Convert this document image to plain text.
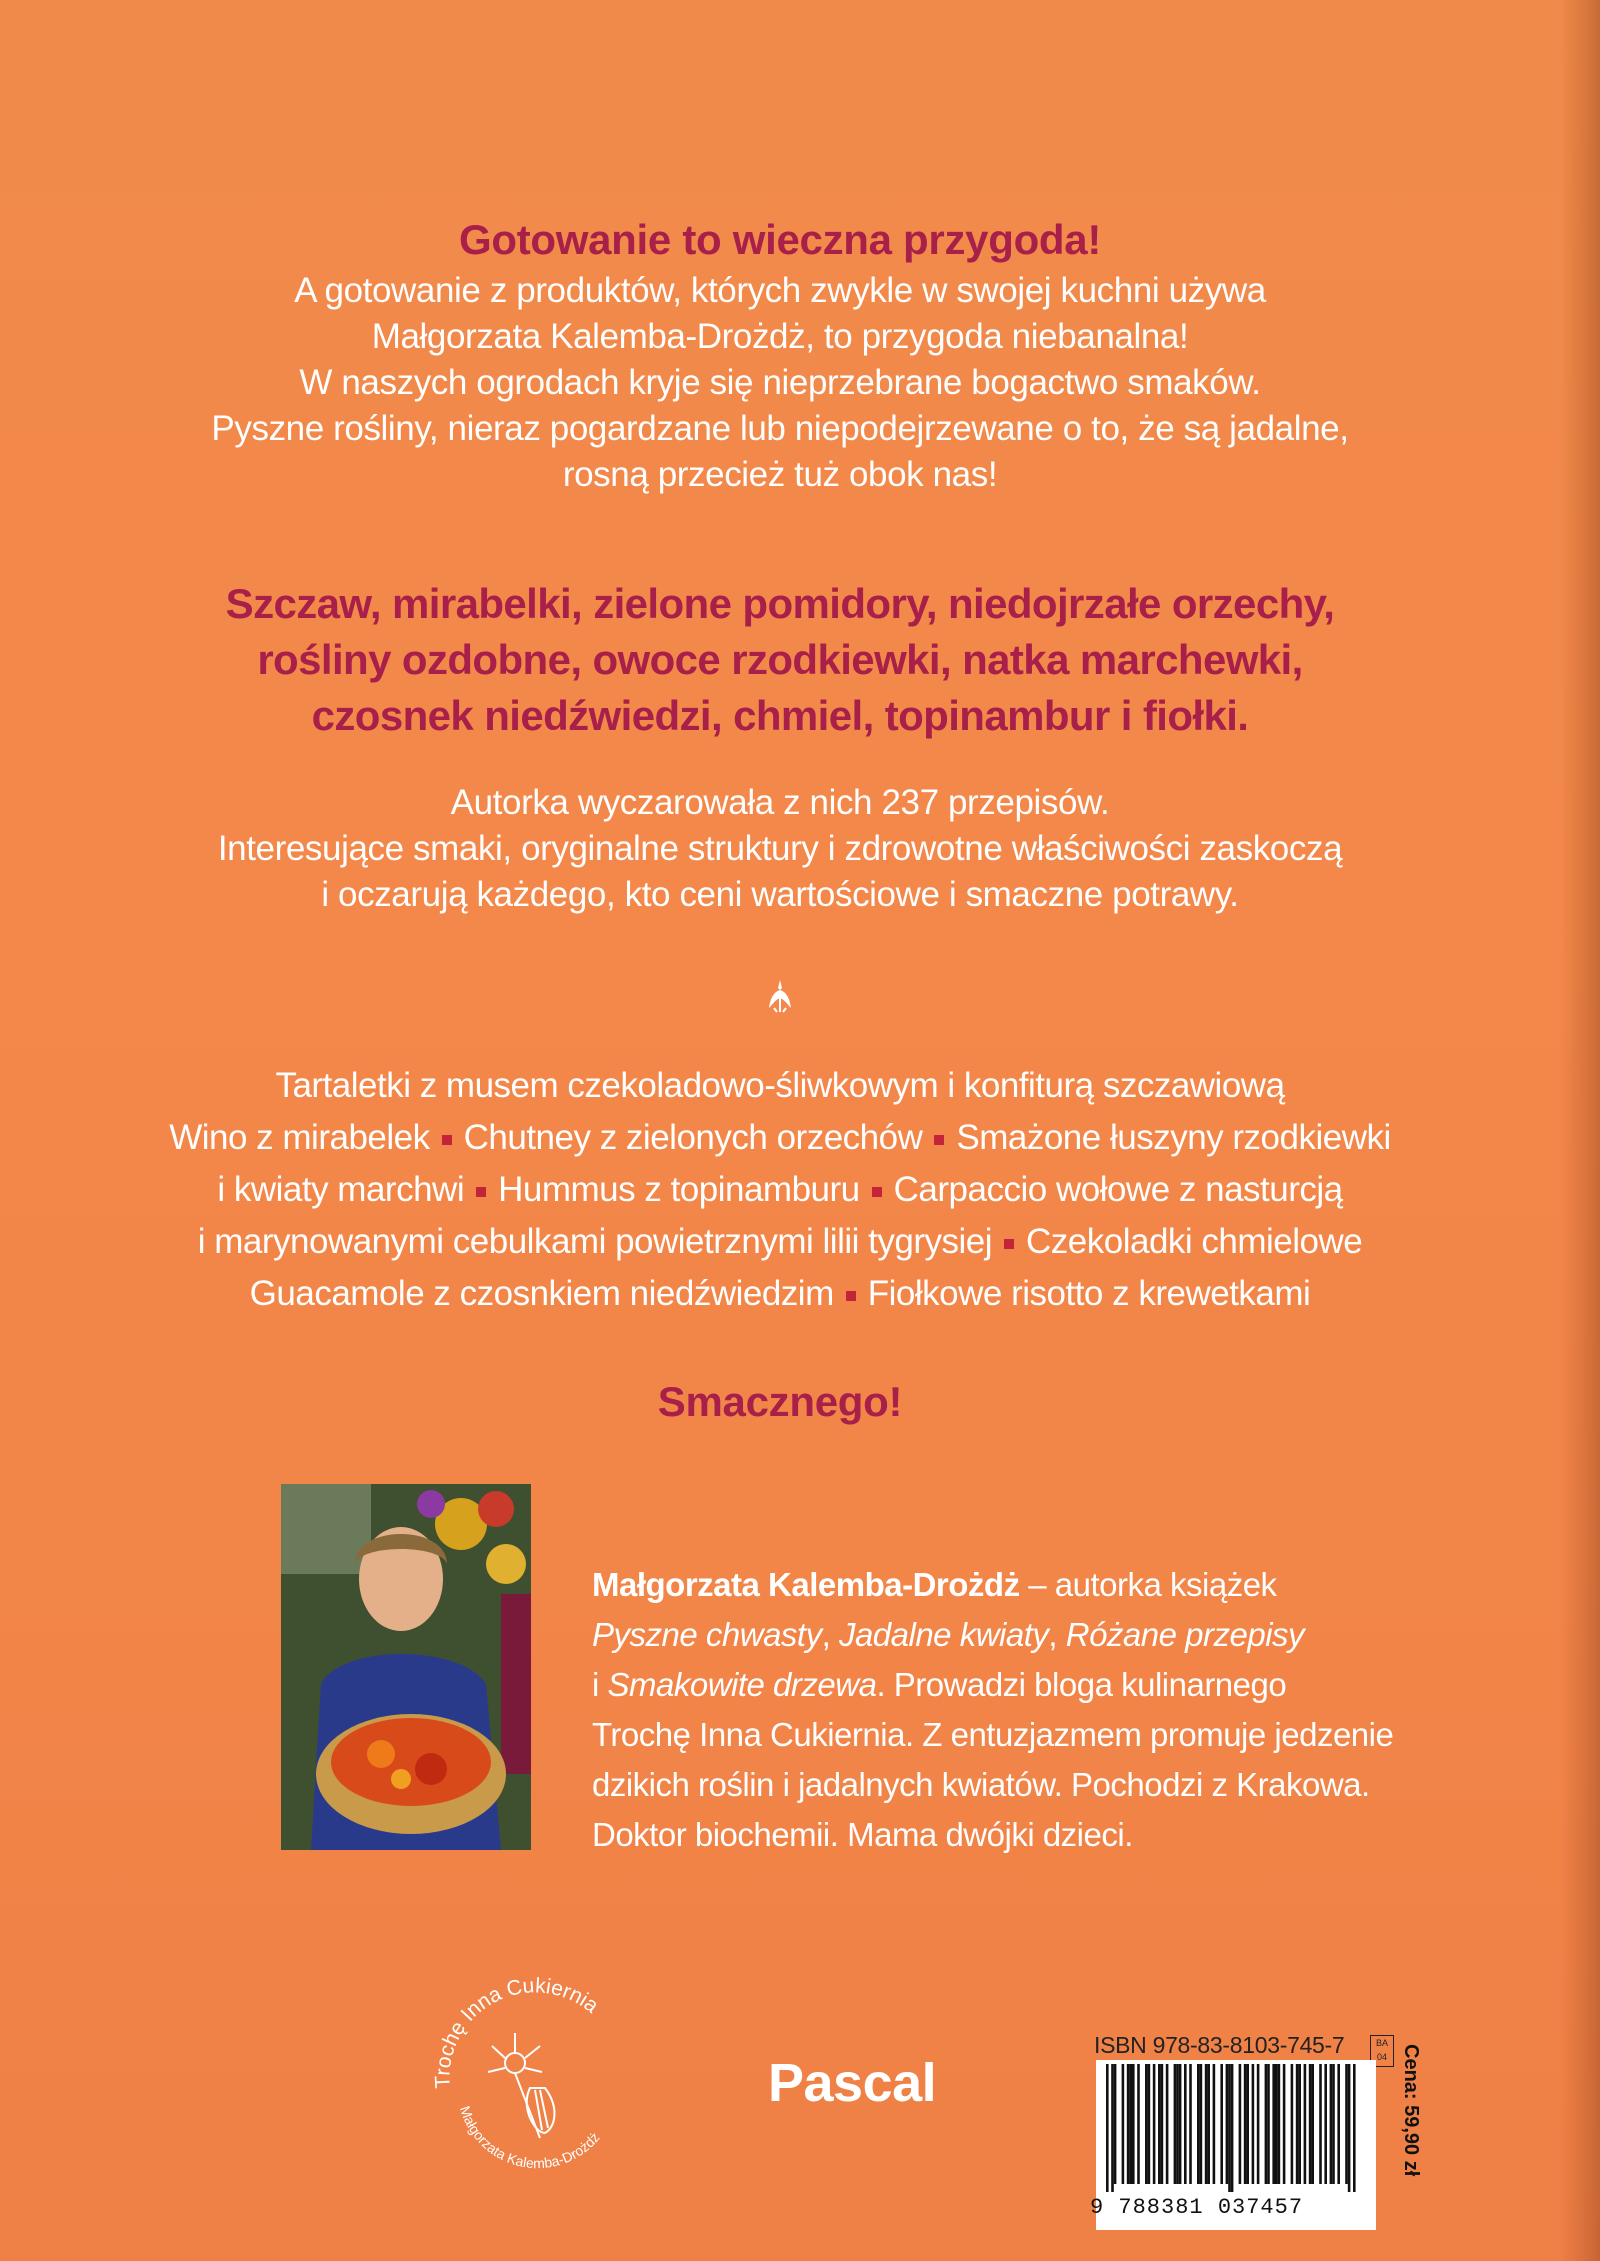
Gotowanie to wieczna przygoda!
A gotowanie z produktów, których zwykle w swojej kuchni używa
Małgorzata Kalemba-Drożdż, to przygoda niebanalna!
W naszych ogrodach kryje się nieprzebrane bogactwo smaków.
Pyszne rośliny, nieraz pogardzane lub niepodejrzewane o to, że są jadalne,
rosną przecież tuż obok nas!
Szczaw, mirabelki, zielone pomidory, niedojrzałe orzechy,
rośliny ozdobne, owoce rzodkiewki, natka marchewki,
czosnek niedźwiedzi, chmiel, topinambur i fiołki.
Autorka wyczarowała z nich 237 przepisów.
Interesujące smaki, oryginalne struktury i zdrowotne właściwości zaskoczą
i oczarują każdego, kto ceni wartościowe i smaczne potrawy.
Tartaletki z musem czekoladowo-śliwkowym i konfiturą szczawiową
Wino z mirabelek Chutney z zielonych orzechów Smażone łuszyny rzodkiewki
i kwiaty marchwi Hummus z topinamburu Carpaccio wołowe z nasturcją
i marynowanymi cebulkami powietrznymi lilii tygrysiej Czekoladki chmielowe
Guacamole z czosnkiem niedźwiedzim Fiołkowe risotto z krewetkami
Smacznego!
Małgorzata Kalemba-Drożdż – autorka książek
Pyszne chwasty, Jadalne kwiaty, Różane przepisy
i Smakowite drzewa. Prowadzi bloga kulinarnego
Trochę Inna Cukiernia. Z entuzjazmem promuje jedzenie
dzikich roślin i jadalnych kwiatów. Pochodzi z Krakowa.
Doktor biochemii. Mama dwójki dzieci.
Trochę Inna Cukiernia
Małgorzata Kalemba-Drożdż
Pascal
ISBN 978-83-8103-745-7	BA
04
9 788381 037457
Cena: 59,90 zł
